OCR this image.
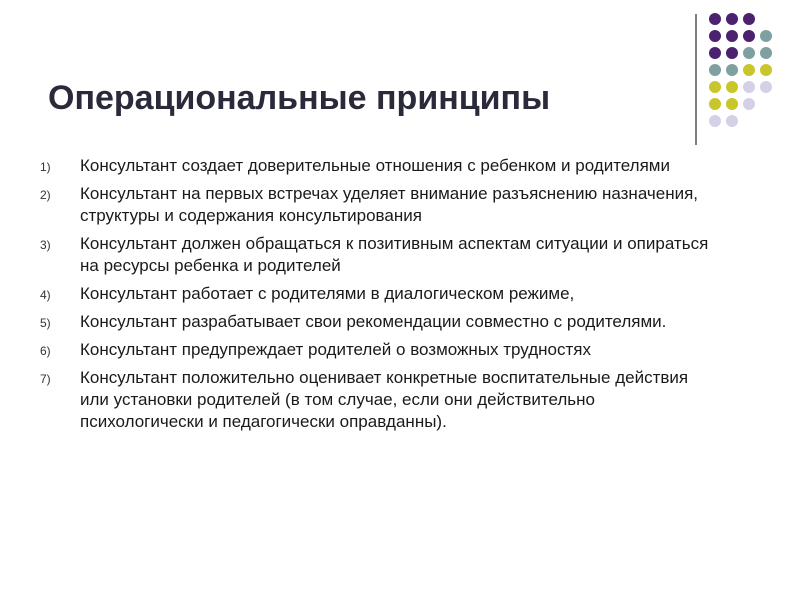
Операциональные принципы
1) Консультант создает доверительные отношения с ребенком и родителями
2) Консультант на первых встречах уделяет внимание разъяснению назначения, структуры и содержания консультирования
3) Консультант должен обращаться к позитивным аспектам ситуации и опираться на ресурсы ребенка и родителей
4) Консультант работает с родителями в диалогическом режиме,
5) Консультант разрабатывает свои рекомендации совместно с родителями.
6) Консультант предупреждает родителей о возможных трудностях
7) Консультант положительно оценивает конкретные воспитательные действия или установки родителей (в том случае, если они действительно психологически и педагогически оправданны).
